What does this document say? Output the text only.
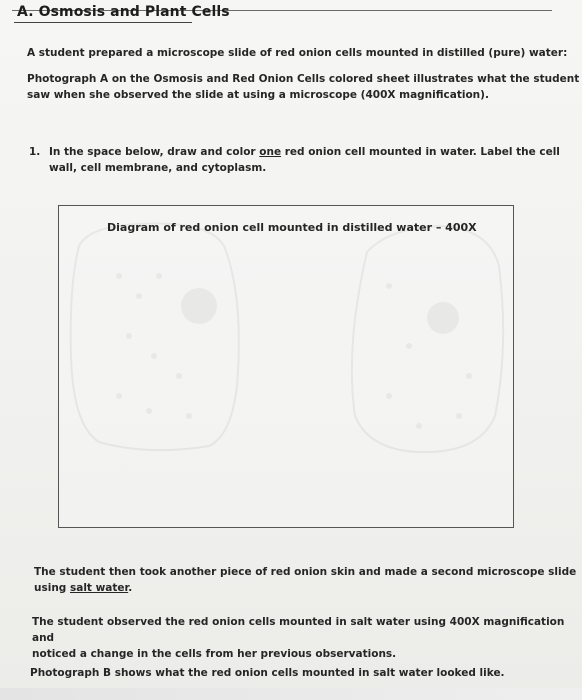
A. Osmosis and Plant Cells
A student prepared a microscope slide of red onion cells mounted in distilled (pure) water:
Photograph A on the Osmosis and Red Onion Cells colored sheet illustrates what the student
saw when she observed the slide at using a microscope (400X magnification).
1. In the space below, draw and color one red onion cell mounted in water. Label the cell
wall, cell membrane, and cytoplasm.
Diagram of red onion cell mounted in distilled water – 400X
The student then took another piece of red onion skin and made a second microscope slide
using salt water.
The student observed the red onion cells mounted in salt water using 400X magnification and
noticed a change in the cells from her previous observations.
Photograph B shows what the red onion cells mounted in salt water looked like.
